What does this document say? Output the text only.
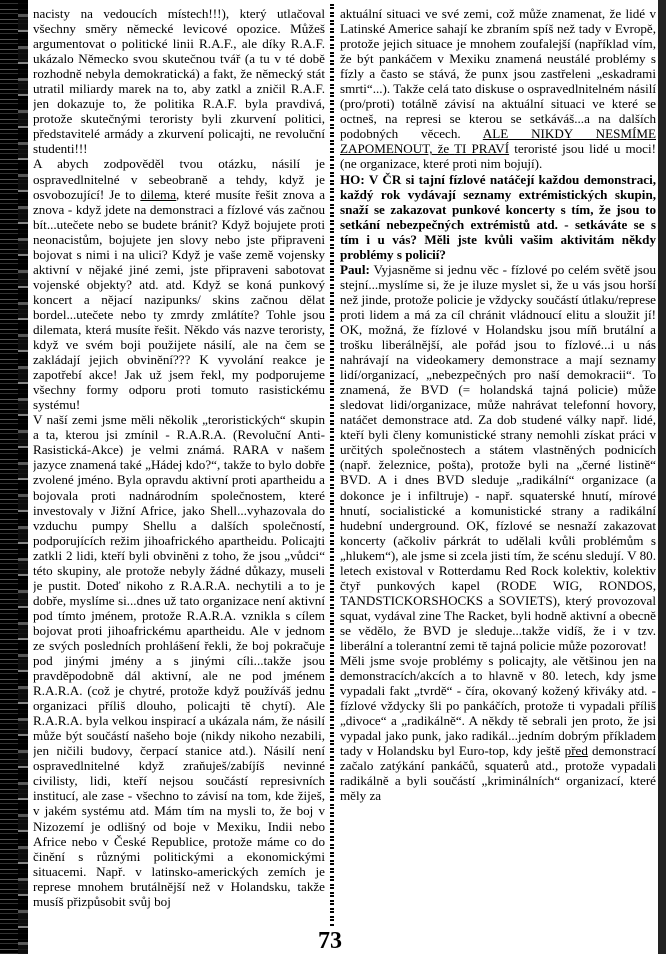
nacisty na vedoucích místech!!!), který utlačoval všechny směry německé levicové opozice. Můžeš argumentovat o politické linii R.A.F., ale díky R.A.F. ukázalo Německo svou skutečnou tvář (a tu v té době rozhodně nebyla demokratická) a fakt, že německý stát utratil miliardy marek na to, aby zatkl a zničil R.A.F. jen dokazuje to, že politika R.A.F. byla pravdivá, protože skutečnými teroristy byli zkurvení politici, představitelé armády a zkurvení policajti, ne revoluční studenti!!!

A abych zodpověděl tvou otázku, násilí je ospravedlnitelné v sebeobraně a tehdy, když je osvobozující! Je to dilema, které musíte řešit znova a znova - když jdete na demonstraci a fízlové vás začnou bít...utečete nebo se budete bránit? Když bojujete proti neonacistům, bojujete jen slovy nebo jste připraveni bojovat s nimi i na ulici? Když je vaše země vojensky aktivní v nějaké jiné zemi, jste připraveni sabotovat vojenské objekty? atd. atd. Když se koná punkový koncert a nějací nazipunks/ skins začnou dělat bordel...utečete nebo ty zmrdy zmlátíte? Tohle jsou dilemata, která musíte řešit. Někdo vás nazve teroristy, když ve svém boji použijete násilí, ale na čem se zakládají jejich obvinění??? K vyvolání reakce je zapotřebí akce! Jak už jsem řekl, my podporujeme všechny formy odporu proti tomuto rasistickému systému!

V naší zemi jsme měli několik „teroristických“ skupin a ta, kterou jsi zmínil - R.A.R.A. (Revoluční Anti-Rasistická-Akce) je velmi známá. RARA v našem jazyce znamená také „Hádej kdo?“, takže to bylo dobře zvolené jméno. Byla opravdu aktivní proti apartheidu a bojovala proti nadnárodním společnostem, které investovaly v Jižní Africe, jako Shell...vyhazovala do vzduchu pumpy Shellu a dalších společností, podporujících režim jihoafrického apartheidu. Policajti zatkli 2 lidi, kteří byli obviněni z toho, že jsou „vůdci“ této skupiny, ale protože nebyly žádné důkazy, museli je pustit. Doteď nikoho z R.A.R.A. nechytili a to je dobře, myslíme si...dnes už tato organizace není aktivní pod tímto jménem, protože R.A.R.A. vznikla s cílem bojovat proti jihoafrickému apartheidu. Ale v jednom ze svých posledních prohlášení řekli, že boj pokračuje pod jinými jmény a s jinými cíli...takže jsou pravděpodobně dál aktivní, ale ne pod jménem R.A.R.A. (což je chytré, protože když používáš jednu organizaci příliš dlouho, policajti tě chytí). Ale R.A.R.A. byla velkou inspirací a ukázala nám, že násilí může být součástí našeho boje (nikdy nikoho nezabili, jen ničili budovy, čerpací stanice atd.). Násilí není ospravedlnitelné když zraňuješ/zabíjíš nevinné civilisty, lidi, kteří nejsou součástí represivních institucí, ale zase - všechno to závisí na tom, kde žiješ, v jakém systému atd. Mám tím na mysli to, že boj v Nizozemí je odlišný od boje v Mexiku, Indii nebo Africe nebo v České Republice, protože máme co do činění s různými politickými a ekonomickými situacemi. Např. v latinsko-amerických zemích je represe mnohem brutálnější než v Holandsku, takže musíš přizpůsobit svůj boj

aktuální situaci ve své zemi, což může znamenat, že lidé v Latinské Americe sahají ke zbraním spíš než tady v Evropě, protože jejich situace je mnohem zoufalejší (například vím, že být pankáčem v Mexiku znamená neustálé problémy s fízly a často se stává, že punx jsou zastřeleni „eskadrami smrti“...). Takže celá tato diskuse o ospravedlnitelném násilí (pro/proti) totálně závisí na aktuální situaci ve které se octneš, na represi se kterou se setkáváš...a na dalších podobných věcech. ALE NIKDY NESMÍME ZAPOMENOUT, že TI PRAVÍ teroristé jsou lidé u moci! (ne organizace, které proti nim bojují).

HO: V ČR si tajní fízlové natáčejí každou demonstraci, každý rok vydávají seznamy extrémistických skupin, snaží se zakazovat punkové koncerty s tím, že jsou to setkání nebezpečných extrémistů atd. - setkáváte se s tím i u vás? Měli jste kvůli vašim aktivitám někdy problémy s policií?

Paul: Vyjasněme si jednu věc - fízlové po celém světě jsou stejní...myslíme si, že je iluze myslet si, že u vás jsou horší než jinde, protože policie je vždycky součástí útlaku/represe proti lidem a má za cíl chránit vládnoucí elitu a sloužit jí! OK, možná, že fízlové v Holandsku jsou míň brutální a trošku liberálnější, ale pořád jsou to fízlové...i u nás nahrávají na videokamery demonstrace a mají seznamy lidí/organizací, „nebezpečných pro naší demokracii“. To znamená, že BVD (= holandská tajná policie) může sledovat lidi/organizace, může nahrávat telefonní hovory, natáčet demonstrace atd. Za dob studené války např. lidé, kteří byli členy komunistické strany nemohli získat práci v určitých společnostech a státem vlastněných podnicích (např. železnice, pošta), protože byli na „černé listině“ BVD. A i dnes BVD sleduje „radikální“ organizace (a dokonce je i infiltruje) - např. squaterské hnutí, mírové hnutí, socialistické a komunistické strany a radikální hudební underground. OK, fízlové se nesnaží zakazovat koncerty (ačkoliv párkrát to udělali kvůli problémům s „hlukem“), ale jsme si zcela jisti tím, že scénu sledují. V 80. letech existoval v Rotterdamu Red Rock kolektiv, kolektiv čtyř punkových kapel (RODE WIG, RONDOS, TANDSTICKORSHOCKS a SOVIETS), který provozoval squat, vydával zine The Racket, byli hodně aktivní a obecně se vědělo, že BVD je sleduje...takže vidíš, že i v tzv. liberální a tolerantní zemi tě tajná policie může pozorovat!

Měli jsme svoje problémy s policajty, ale většinou jen na demonstracích/akcích a to hlavně v 80. letech, kdy jsme vypadali fakt „tvrdě“ - číra, okovaný kožený křiváky atd. - fízlové vždycky šli po pankáčích, protože ti vypadali příliš „divoce“ a „radikálně“. A někdy tě sebrali jen proto, že jsi vypadal jako punk, jako radikál...jedním dobrým příkladem tady v Holandsku byl Euro-top, kdy ještě před demonstrací začalo zatýkání pankáčů, squaterů atd., protože vypadali radikálně a byli součástí „kriminálních“ organizací, které měly za

73
